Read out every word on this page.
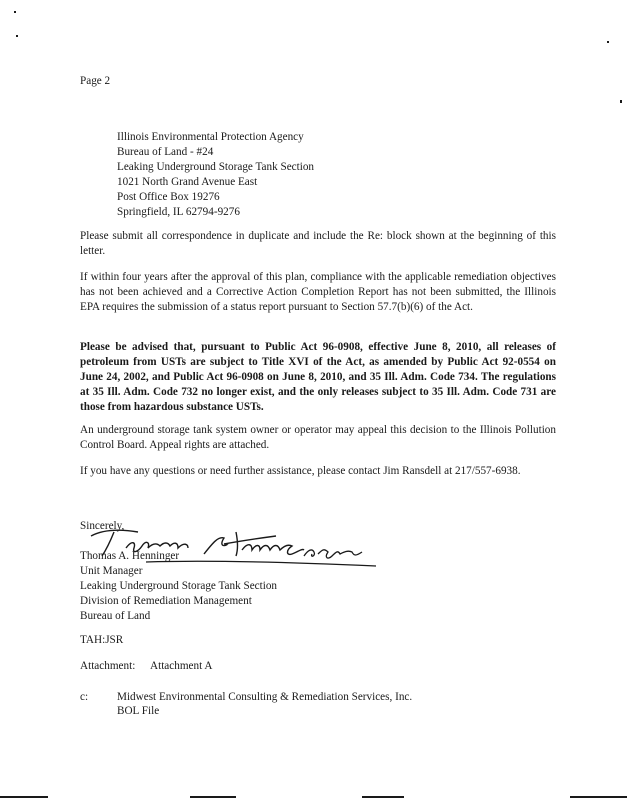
Page 2

Illinois Environmental Protection Agency
Bureau of Land - #24
Leaking Underground Storage Tank Section
1021 North Grand Avenue East
Post Office Box 19276
Springfield, IL 62794-9276

Please submit all correspondence in duplicate and include the Re: block shown at the beginning of this letter.

If within four years after the approval of this plan, compliance with the applicable remediation objectives has not been achieved and a Corrective Action Completion Report has not been submitted, the Illinois EPA requires the submission of a status report pursuant to Section 57.7(b)(6) of the Act.

Please be advised that, pursuant to Public Act 96-0908, effective June 8, 2010, all releases of petroleum from USTs are subject to Title XVI of the Act, as amended by Public Act 92-0554 on June 24, 2002, and Public Act 96-0908 on June 8, 2010, and 35 Ill. Adm. Code 734. The regulations at 35 Ill. Adm. Code 732 no longer exist, and the only releases subject to 35 Ill. Adm. Code 731 are those from hazardous substance USTs.

An underground storage tank system owner or operator may appeal this decision to the Illinois Pollution Control Board. Appeal rights are attached.

If you have any questions or need further assistance, please contact Jim Ransdell at 217/557-6938.

Sincerely,

Thomas A. Henninger
Unit Manager
Leaking Underground Storage Tank Section
Division of Remediation Management
Bureau of Land

TAH:JSR

Attachment: Attachment A

c:	Midwest Environmental Consulting & Remediation Services, Inc.
BOL File
